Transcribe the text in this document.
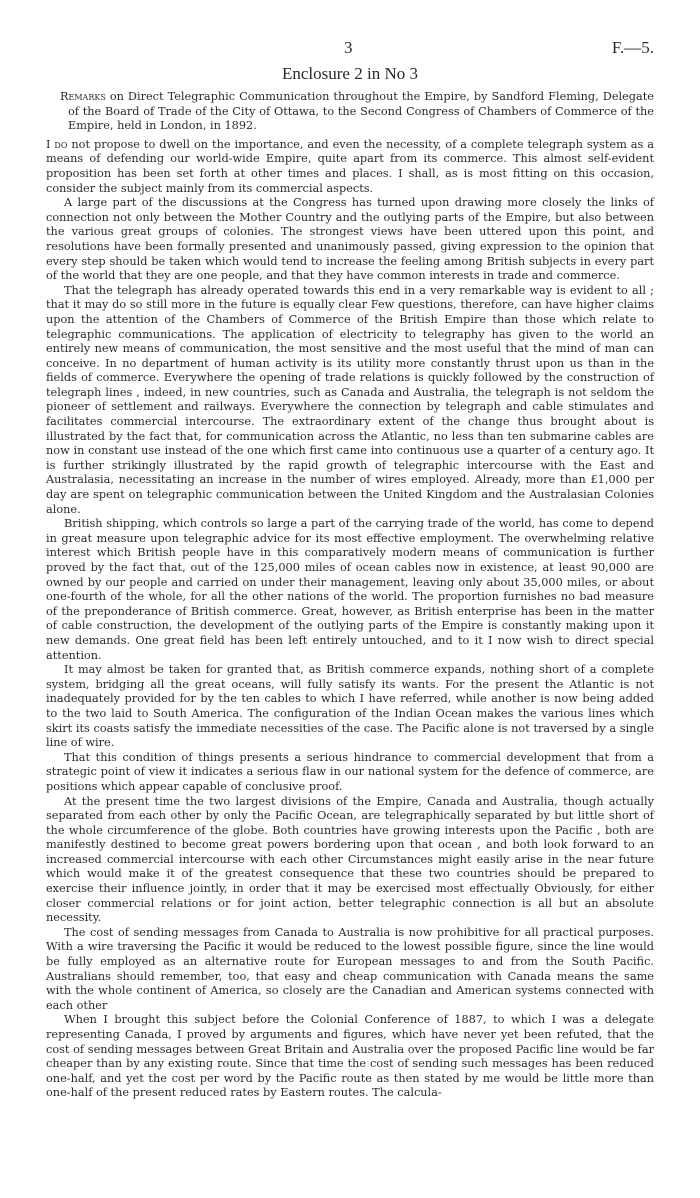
3	F.—5.
Enclosure 2 in No 3

Remarks on Direct Telegraphic Communication throughout the Empire, by Sandford Fleming, Delegate of the Board of Trade of the City of Ottawa, to the Second Congress of Chambers of Commerce of the Empire, held in London, in 1892.

I do not propose to dwell on the importance, and even the necessity, of a complete telegraph system as a means of defending our world-wide Empire, quite apart from its commerce. This almost self-evident proposition has been set forth at other times and places. I shall, as is most fitting on this occasion, consider the subject mainly from its commercial aspects.

A large part of the discussions at the Congress has turned upon drawing more closely the links of connection not only between the Mother Country and the outlying parts of the Empire, but also between the various great groups of colonies. The strongest views have been uttered upon this point, and resolutions have been formally presented and unanimously passed, giving expression to the opinion that every step should be taken which would tend to increase the feeling among British subjects in every part of the world that they are one people, and that they have common interests in trade and commerce.

That the telegraph has already operated towards this end in a very remarkable way is evident to all ; that it may do so still more in the future is equally clear Few questions, therefore, can have higher claims upon the attention of the Chambers of Commerce of the British Empire than those which relate to telegraphic communications. The application of electricity to telegraphy has given to the world an entirely new means of communication, the most sensitive and the most useful that the mind of man can conceive. In no department of human activity is its utility more constantly thrust upon us than in the fields of commerce. Everywhere the opening of trade relations is quickly followed by the construction of telegraph lines , indeed, in new countries, such as Canada and Australia, the telegraph is not seldom the pioneer of settlement and railways. Everywhere the connection by telegraph and cable stimulates and facilitates commercial intercourse. The extraordinary extent of the change thus brought about is illustrated by the fact that, for communication across the Atlantic, no less than ten submarine cables are now in constant use instead of the one which first came into continuous use a quarter of a century ago. It is further strikingly illustrated by the rapid growth of telegraphic intercourse with the East and Australasia, necessitating an increase in the number of wires employed. Already, more than £1,000 per day are spent on telegraphic communication between the United Kingdom and the Australasian Colonies alone.

British shipping, which controls so large a part of the carrying trade of the world, has come to depend in great measure upon telegraphic advice for its most effective employment. The overwhelming relative interest which British people have in this comparatively modern means of communication is further proved by the fact that, out of the 125,000 miles of ocean cables now in existence, at least 90,000 are owned by our people and carried on under their management, leaving only about 35,000 miles, or about one-fourth of the whole, for all the other nations of the world. The proportion furnishes no bad measure of the preponderance of British commerce. Great, however, as British enterprise has been in the matter of cable construction, the development of the outlying parts of the Empire is constantly making upon it new demands. One great field has been left entirely untouched, and to it I now wish to direct special attention.

It may almost be taken for granted that, as British commerce expands, nothing short of a complete system, bridging all the great oceans, will fully satisfy its wants. For the present the Atlantic is not inadequately provided for by the ten cables to which I have referred, while another is now being added to the two laid to South America. The configuration of the Indian Ocean makes the various lines which skirt its coasts satisfy the immediate necessities of the case. The Pacific alone is not traversed by a single line of wire.

That this condition of things presents a serious hindrance to commercial development that from a strategic point of view it indicates a serious flaw in our national system for the defence of commerce, are positions which appear capable of conclusive proof.

At the present time the two largest divisions of the Empire, Canada and Australia, though actually separated from each other by only the Pacific Ocean, are telegraphically separated by but little short of the whole circumference of the globe. Both countries have growing interests upon the Pacific , both are manifestly destined to become great powers bordering upon that ocean , and both look forward to an increased commercial intercourse with each other Circumstances might easily arise in the near future which would make it of the greatest consequence that these two countries should be prepared to exercise their influence jointly, in order that it may be exercised most effectually Obviously, for either closer commercial relations or for joint action, better telegraphic connection is all but an absolute necessity.

The cost of sending messages from Canada to Australia is now prohibitive for all practical purposes. With a wire traversing the Pacific it would be reduced to the lowest possible figure, since the line would be fully employed as an alternative route for European messages to and from the South Pacific. Australians should remember, too, that easy and cheap communication with Canada means the same with the whole continent of America, so closely are the Canadian and American systems connected with each other

When I brought this subject before the Colonial Conference of 1887, to which I was a delegate representing Canada, I proved by arguments and figures, which have never yet been refuted, that the cost of sending messages between Great Britain and Australia over the proposed Pacific line would be far cheaper than by any existing route. Since that time the cost of sending such messages has been reduced one-half, and yet the cost per word by the Pacific route as then stated by me would be little more than one-half of the present reduced rates by Eastern routes. The calcula-
